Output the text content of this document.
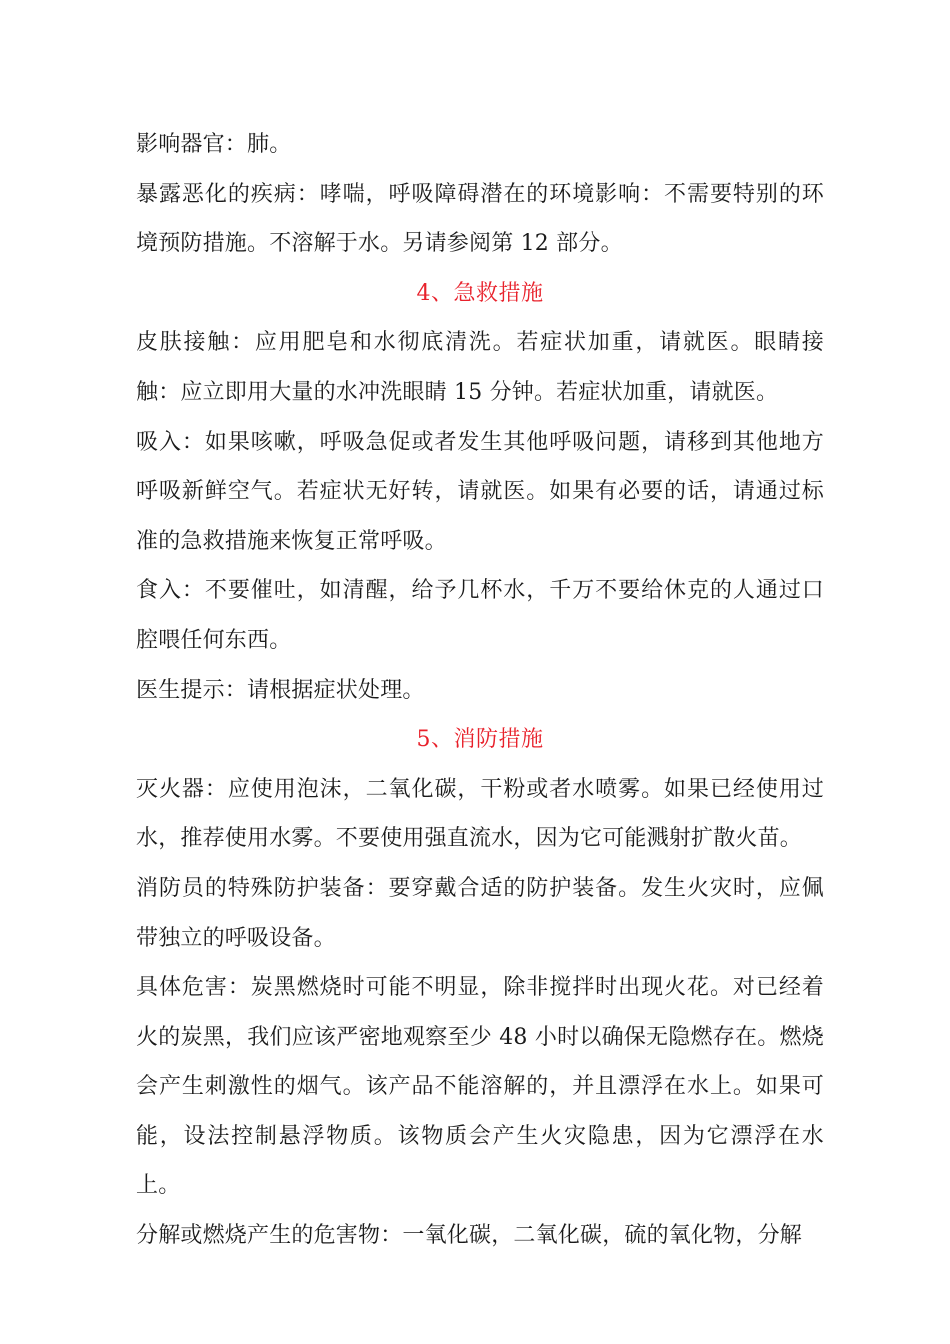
影响器官：肺。

暴露恶化的疾病：哮喘，呼吸障碍潜在的环境影响：不需要特别的环境预防措施。不溶解于水。另请参阅第 12 部分。

4、急救措施

皮肤接触：应用肥皂和水彻底清洗。若症状加重，请就医。眼睛接触：应立即用大量的水冲洗眼睛 15 分钟。若症状加重，请就医。

吸入：如果咳嗽，呼吸急促或者发生其他呼吸问题，请移到其他地方呼吸新鲜空气。若症状无好转，请就医。如果有必要的话，请通过标准的急救措施来恢复正常呼吸。

食入：不要催吐，如清醒，给予几杯水，千万不要给休克的人通过口腔喂任何东西。

医生提示：请根据症状处理。

5、消防措施

灭火器：应使用泡沫，二氧化碳，干粉或者水喷雾。如果已经使用过水，推荐使用水雾。不要使用强直流水，因为它可能溅射扩散火苗。

消防员的特殊防护装备：要穿戴合适的防护装备。发生火灾时，应佩带独立的呼吸设备。

具体危害：炭黑燃烧时可能不明显，除非搅拌时出现火花。对已经着火的炭黑，我们应该严密地观察至少 48 小时以确保无隐燃存在。燃烧会产生刺激性的烟气。该产品不能溶解的，并且漂浮在水上。如果可能，设法控制悬浮物质。该物质会产生火灾隐患，因为它漂浮在水上。

分解或燃烧产生的危害物：一氧化碳，二氧化碳，硫的氧化物，分解
